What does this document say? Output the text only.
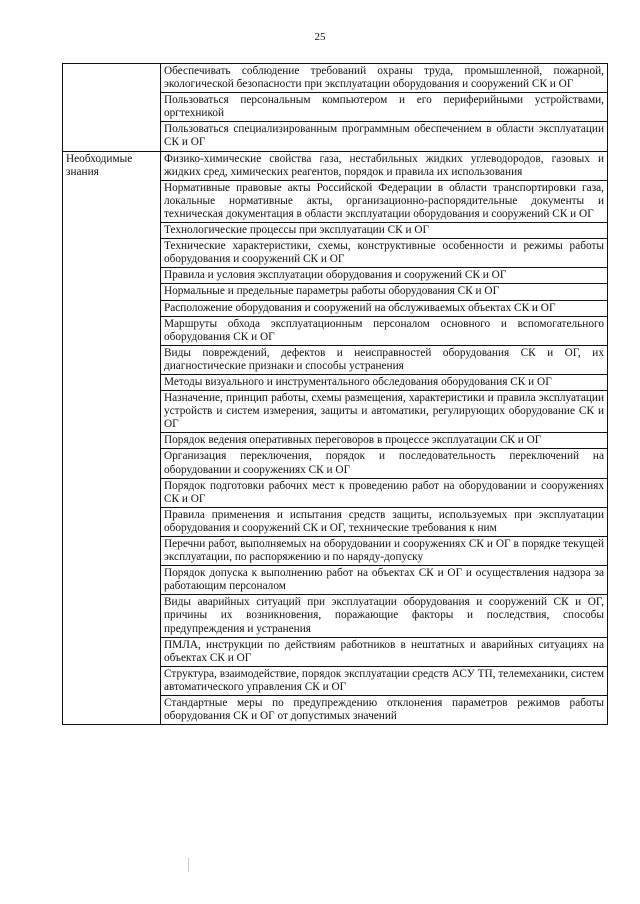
25
	Обеспечивать соблюдение требований охраны труда, промышленной, пожарной, экологической безопасности при эксплуатации оборудования и сооружений СК и ОГ
	Пользоваться персональным компьютером и его периферийными устройствами, оргтехникой
	Пользоваться специализированным программным обеспечением в области эксплуатации СК и ОГ
Необходимые знания	Физико-химические свойства газа, нестабильных жидких углеводородов, газовых и жидких сред, химических реагентов, порядок и правила их использования
	Нормативные правовые акты Российской Федерации в области транспортировки газа, локальные нормативные акты, организационно-распорядительные документы и техническая документация в области эксплуатации оборудования и сооружений СК и ОГ
	Технологические процессы при эксплуатации СК и ОГ
	Технические характеристики, схемы, конструктивные особенности и режимы работы оборудования и сооружений СК и ОГ
	Правила и условия эксплуатации оборудования и сооружений СК и ОГ
	Нормальные и предельные параметры работы оборудования СК и ОГ
	Расположение оборудования и сооружений на обслуживаемых объектах СК и ОГ
	Маршруты обхода эксплуатационным персоналом основного и вспомогательного оборудования СК и ОГ
	Виды повреждений, дефектов и неисправностей оборудования СК и ОГ, их диагностические признаки и способы устранения
	Методы визуального и инструментального обследования оборудования СК и ОГ
	Назначение, принцип работы, схемы размещения, характеристики и правила эксплуатации устройств и систем измерения, защиты и автоматики, регулирующих оборудование СК и ОГ
	Порядок ведения оперативных переговоров в процессе эксплуатации СК и ОГ
	Организация переключения, порядок и последовательность переключений на оборудовании и сооружениях СК и ОГ
	Порядок подготовки рабочих мест к проведению работ на оборудовании и сооружениях СК и ОГ
	Правила применения и испытания средств защиты, используемых при эксплуатации оборудования и сооружений СК и ОГ, технические требования к ним
	Перечни работ, выполняемых на оборудовании и сооружениях СК и ОГ в порядке текущей эксплуатации, по распоряжению и по наряду-допуску
	Порядок допуска к выполнению работ на объектах СК и ОГ и осуществления надзора за работающим персоналом
	Виды аварийных ситуаций при эксплуатации оборудования и сооружений СК и ОГ, причины их возникновения, поражающие факторы и последствия, способы предупреждения и устранения
	ПМЛА, инструкции по действиям работников в нештатных и аварийных ситуациях на объектах СК и ОГ
	Структура, взаимодействие, порядок эксплуатации средств АСУ ТП, телемеханики, систем автоматического управления СК и ОГ
	Стандартные меры по предупреждению отклонения параметров режимов работы оборудования СК и ОГ от допустимых значений
